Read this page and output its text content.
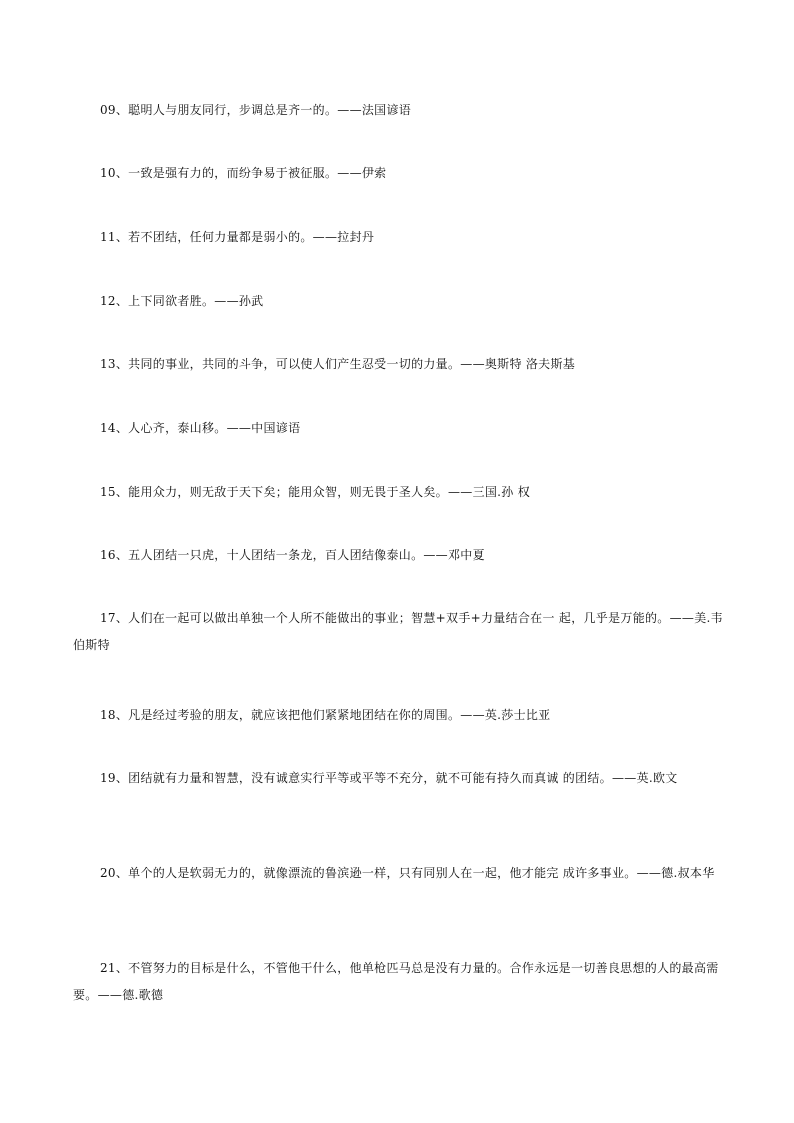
09、聪明人与朋友同行，步调总是齐一的。——法国谚语

10、一致是强有力的，而纷争易于被征服。——伊索

11、若不团结，任何力量都是弱小的。——拉封丹

12、上下同欲者胜。——孙武

13、共同的事业，共同的斗争，可以使人们产生忍受一切的力量。——奥斯特 洛夫斯基

14、人心齐，泰山移。——中国谚语

15、能用众力，则无敌于天下矣；能用众智，则无畏于圣人矣。——三国.孙 权

16、五人团结一只虎，十人团结一条龙，百人团结像泰山。——邓中夏

17、人们在一起可以做出单独一个人所不能做出的事业；智慧+双手+力量结合在一 起，几乎是万能的。——美.韦伯斯特

18、凡是经过考验的朋友，就应该把他们紧紧地团结在你的周围。——英.莎士比亚

19、团结就有力量和智慧，没有诚意实行平等或平等不充分，就不可能有持久而真诚 的团结。——英.欧文

20、单个的人是软弱无力的，就像漂流的鲁滨逊一样，只有同别人在一起，他才能完 成许多事业。——德.叔本华

21、不管努力的目标是什么，不管他干什么，他单枪匹马总是没有力量的。合作永远是一切善良思想的人的最高需要。——德.歌德
